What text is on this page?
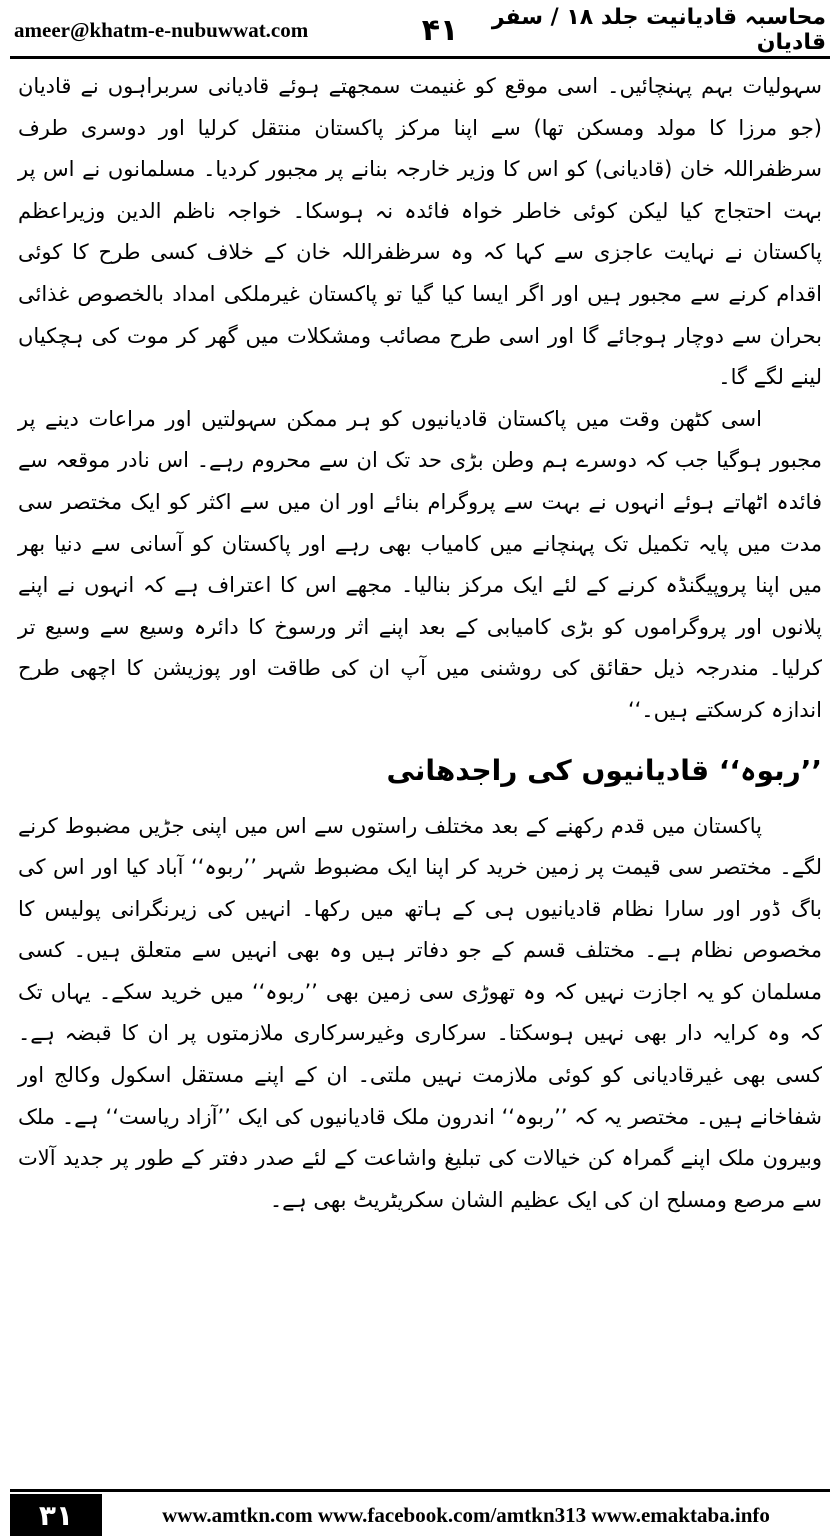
ameer@khatm-e-nubuwwat.com	۴۱	محاسبہ قادیانیت جلد ۱۸ / سفر قادیان

سہولیات بہم پہنچائیں۔ اسی موقع کو غنیمت سمجھتے ہوئے قادیانی سربراہوں نے قادیان (جو مرزا کا مولد ومسکن تھا) سے اپنا مرکز پاکستان منتقل کرلیا اور دوسری طرف سرظفراللہ خان (قادیانی) کو اس کا وزیر خارجہ بنانے پر مجبور کردیا۔ مسلمانوں نے اس پر بہت احتجاج کیا لیکن کوئی خاطر خواہ فائدہ نہ ہوسکا۔ خواجہ ناظم الدین وزیراعظم پاکستان نے نہایت عاجزی سے کہا کہ وہ سرظفراللہ خان کے خلاف کسی طرح کا کوئی اقدام کرنے سے مجبور ہیں اور اگر ایسا کیا گیا تو پاکستان غیرملکی امداد بالخصوص غذائی بحران سے دوچار ہوجائے گا اور اسی طرح مصائب ومشکلات میں گھر کر موت کی ہچکیاں لینے لگے گا۔

اسی کٹھن وقت میں پاکستان قادیانیوں کو ہر ممکن سہولتیں اور مراعات دینے پر مجبور ہوگیا جب کہ دوسرے ہم وطن بڑی حد تک ان سے محروم رہے۔ اس نادر موقعہ سے فائدہ اٹھاتے ہوئے انہوں نے بہت سے پروگرام بنائے اور ان میں سے اکثر کو ایک مختصر سی مدت میں پایہ تکمیل تک پہنچانے میں کامیاب بھی رہے اور پاکستان کو آسانی سے دنیا بھر میں اپنا پروپیگنڈہ کرنے کے لئے ایک مرکز بنالیا۔ مجھے اس کا اعتراف ہے کہ انہوں نے اپنے پلانوں اور پروگراموں کو بڑی کامیابی کے بعد اپنے اثر ورسوخ کا دائرہ وسیع سے وسیع تر کرلیا۔ مندرجہ ذیل حقائق کی روشنی میں آپ ان کی طاقت اور پوزیشن کا اچھی طرح اندازہ کرسکتے ہیں۔‘‘

’’ربوہ‘‘ قادیانیوں کی راجدھانی

پاکستان میں قدم رکھنے کے بعد مختلف راستوں سے اس میں اپنی جڑیں مضبوط کرنے لگے۔ مختصر سی قیمت پر زمین خرید کر اپنا ایک مضبوط شہر ’’ربوہ‘‘ آباد کیا اور اس کی باگ ڈور اور سارا نظام قادیانیوں ہی کے ہاتھ میں رکھا۔ انہیں کی زیرنگرانی پولیس کا مخصوص نظام ہے۔ مختلف قسم کے جو دفاتر ہیں وہ بھی انہیں سے متعلق ہیں۔ کسی مسلمان کو یہ اجازت نہیں کہ وہ تھوڑی سی زمین بھی ’’ربوہ‘‘ میں خرید سکے۔ یہاں تک کہ وہ کرایہ دار بھی نہیں ہوسکتا۔ سرکاری وغیرسرکاری ملازمتوں پر ان کا قبضہ ہے۔ کسی بھی غیرقادیانی کو کوئی ملازمت نہیں ملتی۔ ان کے اپنے مستقل اسکول وکالج اور شفاخانے ہیں۔ مختصر یہ کہ ’’ربوہ‘‘ اندرون ملک قادیانیوں کی ایک ’’آزاد ریاست‘‘ ہے۔ ملک وبیرون ملک اپنے گمراہ کن خیالات کی تبلیغ واشاعت کے لئے صدر دفتر کے طور پر جدید آلات سے مرصع ومسلح ان کی ایک عظیم الشان سکریٹریٹ بھی ہے۔

۳۱	www.amtkn.com www.facebook.com/amtkn313 www.emaktaba.info
